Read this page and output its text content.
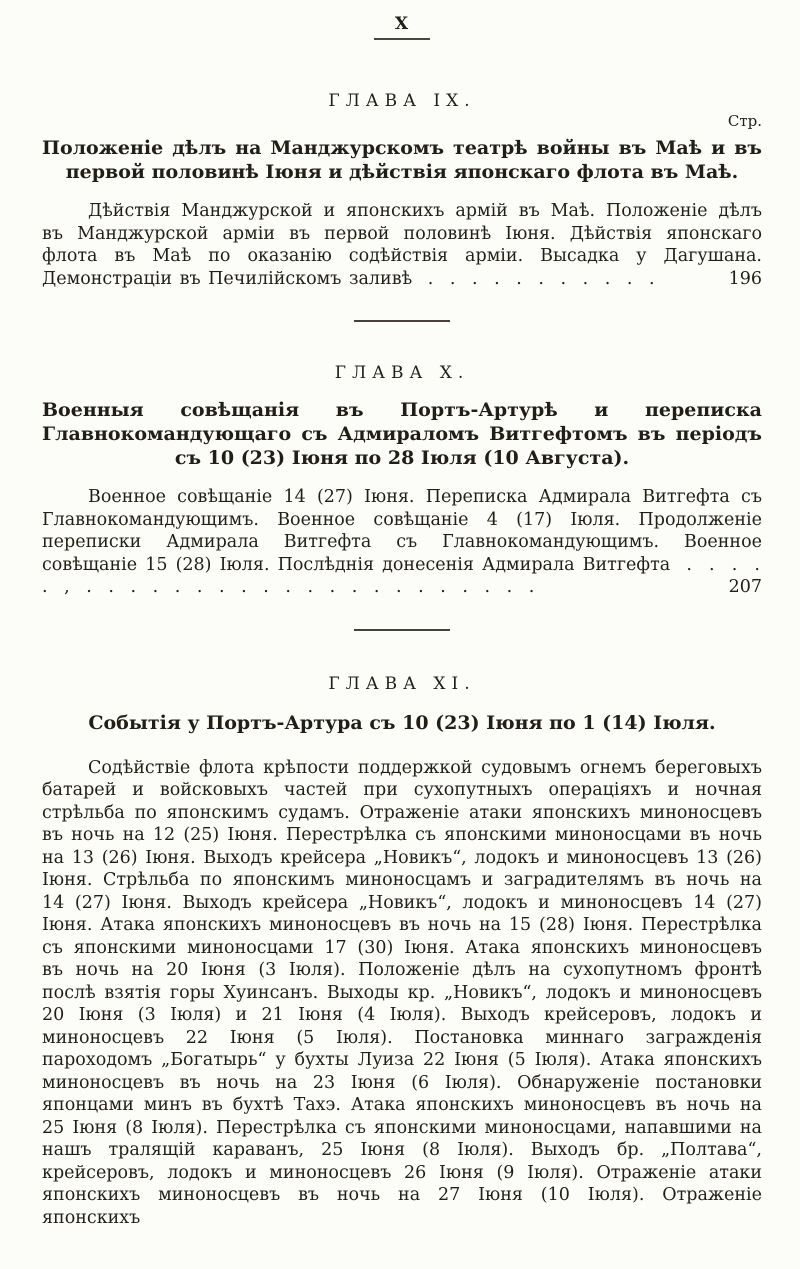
X
ГЛАВА IX.
Стр.
Положеніе дѣлъ на Манджурскомъ театрѣ войны въ Маѣ и въ первой половинѣ Іюня и дѣйствія японскаго флота въ Маѣ.

Дѣйствія Манджурской и японскихъ армій въ Маѣ. Положеніе дѣлъ въ Манджурской арміи въ первой половинѣ Іюня. Дѣйствія японскаго флота въ Маѣ по оказанію содѣйствія арміи. Высадка у Дагушана. Демонстраціи въ Печилійскомъ заливѣ . . . . . . . . . . .	196

ГЛАВА X.
Военныя совѣщанія въ Портъ-Артурѣ и переписка Главнокомандующаго съ Адмираломъ Витгефтомъ въ періодъ съ 10 (23) Іюня по 28 Іюля (10 Августа).

Военное совѣщаніе 14 (27) Іюня. Переписка Адмирала Витгефта съ Главнокомандующимъ. Военное совѣщаніе 4 (17) Іюля. Продолженіе переписки Адмирала Витгефта съ Главнокомандующимъ. Военное совѣщаніе 15 (28) Іюля. Послѣднія донесенія Адмирала Витгефта . . . . . , . . . . . . . . . . . . . . . . . . . . .	207

ГЛАВА XI.
Событія у Портъ-Артура съ 10 (23) Іюня по 1 (14) Іюля.

Содѣйствіе флота крѣпости поддержкой судовымъ огнемъ береговыхъ батарей и войсковыхъ частей при сухопутныхъ операціяхъ и ночная стрѣльба по японскимъ судамъ. Отраженіе атаки японскихъ миноносцевъ въ ночь на 12 (25) Іюня. Перестрѣлка съ японскими миноносцами въ ночь на 13 (26) Іюня. Выходъ крейсера „Новикъ“, лодокъ и миноносцевъ 13 (26) Іюня. Стрѣльба по японскимъ миноносцамъ и заградителямъ въ ночь на 14 (27) Іюня. Выходъ крейсера „Новикъ“, лодокъ и миноносцевъ 14 (27) Іюня. Атака японскихъ миноносцевъ въ ночь на 15 (28) Іюня. Перестрѣлка съ японскими миноносцами 17 (30) Іюня. Атака японскихъ миноносцевъ въ ночь на 20 Іюня (3 Іюля). Положеніе дѣлъ на сухопутномъ фронтѣ послѣ взятія горы Хуинсанъ. Выходы кр. „Новикъ“, лодокъ и миноносцевъ 20 Іюня (3 Іюля) и 21 Іюня (4 Іюля). Выходъ крейсеровъ, лодокъ и миноносцевъ 22 Іюня (5 Іюля). Постановка миннаго загражденія пароходомъ „Богатырь“ у бухты Луиза 22 Іюня (5 Іюля). Атака японскихъ миноносцевъ въ ночь на 23 Іюня (6 Іюля). Обнаруженіе постановки японцами минъ въ бухтѣ Тахэ. Атака японскихъ миноносцевъ въ ночь на 25 Іюня (8 Іюля). Перестрѣлка съ японскими миноносцами, напавшими на нашъ тралящій караванъ, 25 Іюня (8 Іюля). Выходъ бр. „Полтава“, крейсеровъ, лодокъ и миноносцевъ 26 Іюня (9 Іюля). Отраженіе атаки японскихъ миноносцевъ въ ночь на 27 Іюня (10 Іюля). Отраженіе японскихъ
